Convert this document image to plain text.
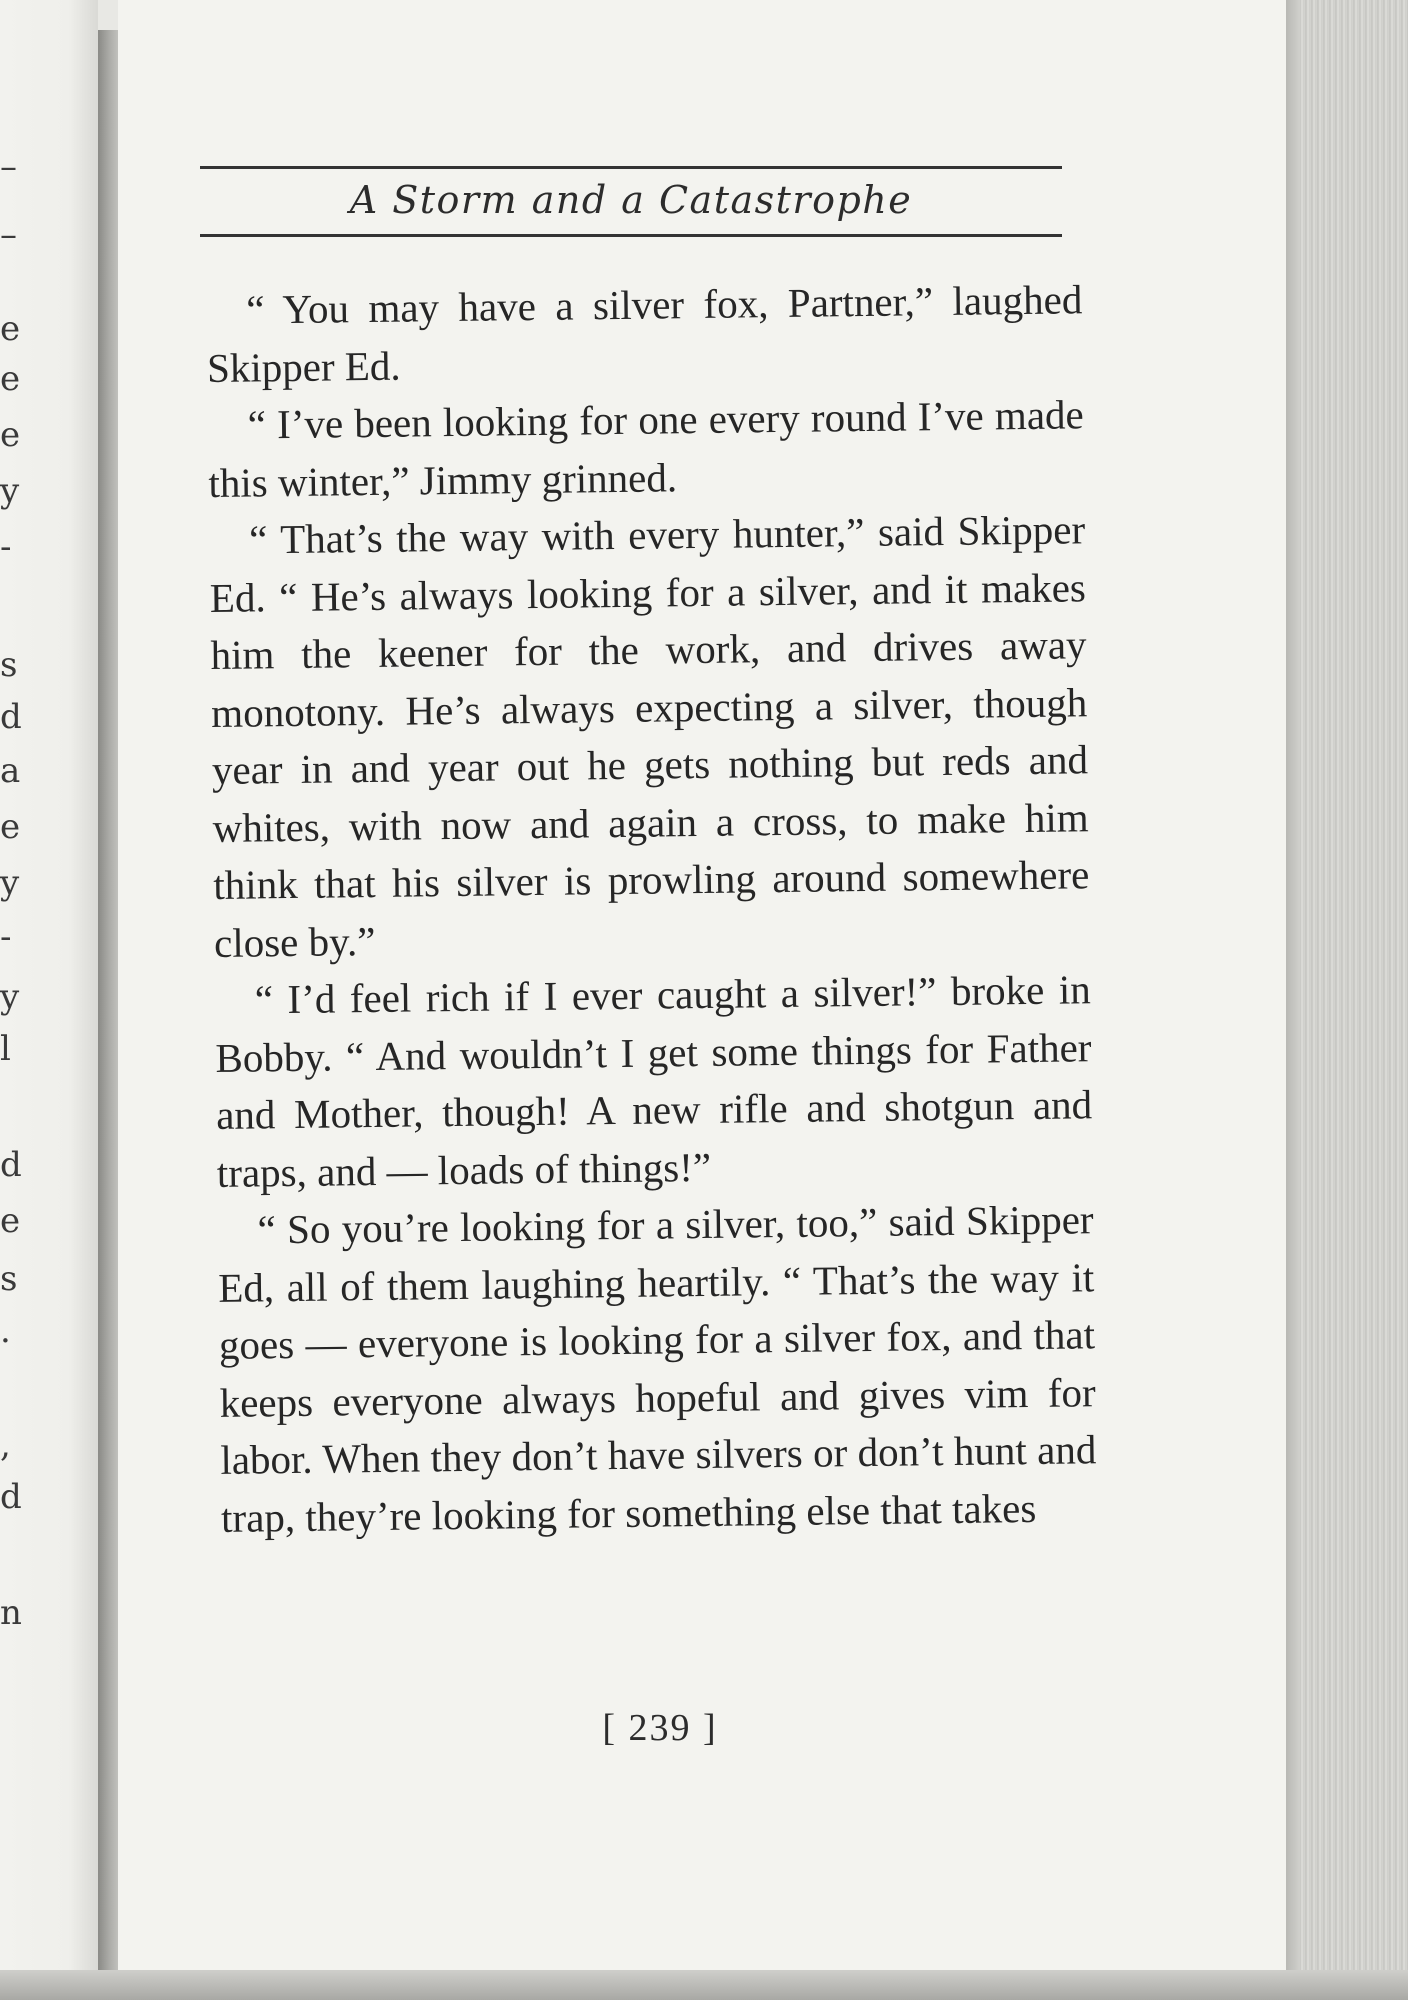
–
–
e
e
e
y
-
s
d
a
e
y
-
y
l
d
e
s
.
,
d
n
A Storm and a Catastrophe

“ You may have a silver fox, Partner,” laughed Skipper Ed.

“ I’ve been looking for one every round I’ve made this winter,” Jimmy grinned.

“ That’s the way with every hunter,” said Skipper Ed. “ He’s always looking for a silver, and it makes him the keener for the work, and drives away monotony. He’s always expecting a silver, though year in and year out he gets nothing but reds and whites, with now and again a cross, to make him think that his silver is prowling around somewhere close by.”

“ I’d feel rich if I ever caught a silver!” broke in Bobby. “ And wouldn’t I get some things for Father and Mother, though! A new rifle and shotgun and traps, and — loads of things!”

“ So you’re looking for a silver, too,” said Skipper Ed, all of them laughing heartily. “ That’s the way it goes — everyone is looking for a silver fox, and that keeps everyone always hopeful and gives vim for labor. When they don’t have silvers or don’t hunt and trap, they’re looking for something else that takes

[ 239 ]
